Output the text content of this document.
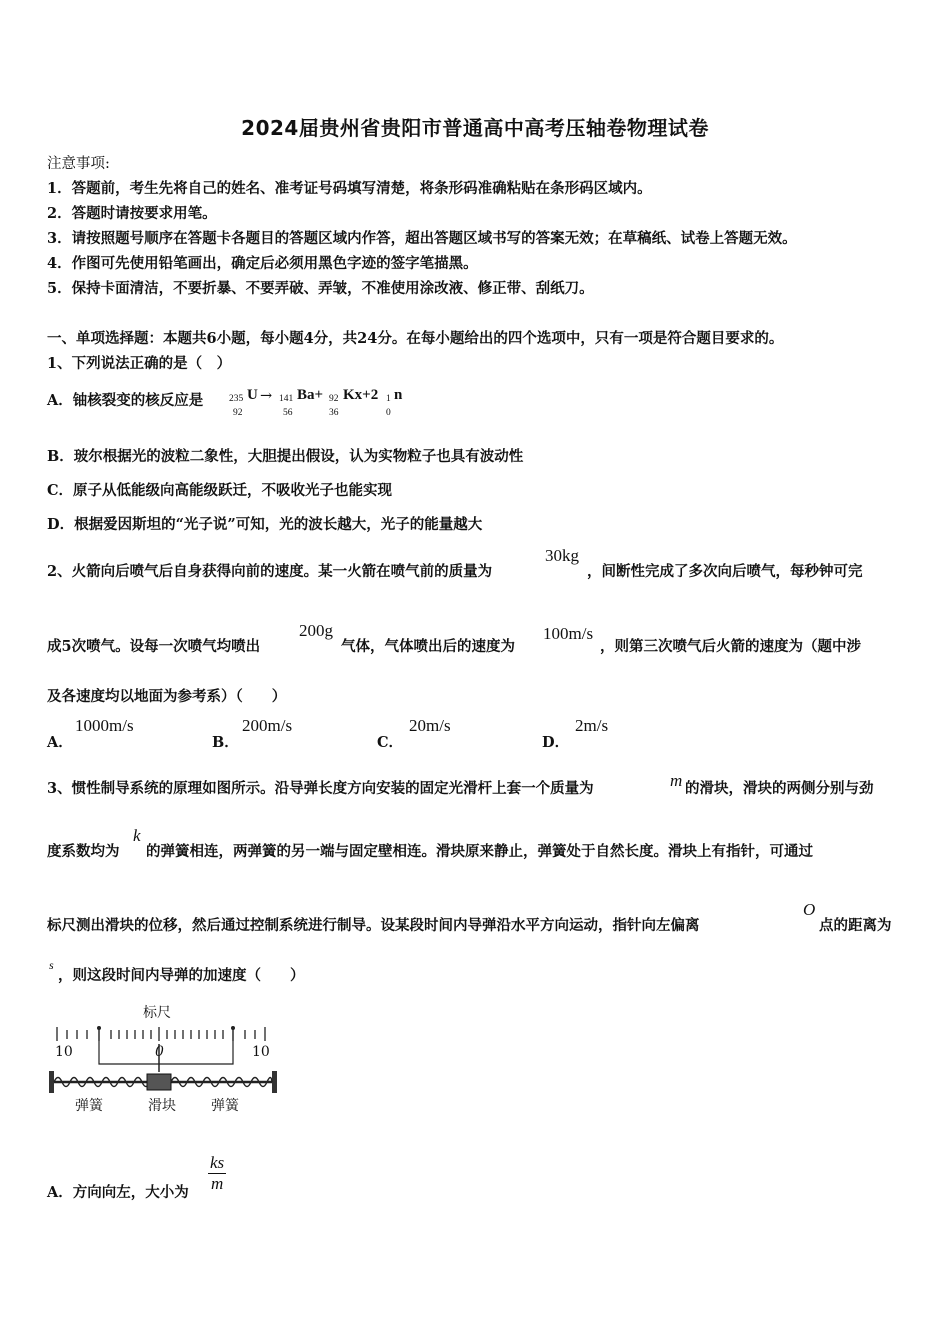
2024届贵州省贵阳市普通高中高考压轴卷物理试卷
注意事项:
1．答题前，考生先将自己的姓名、准考证号码填写清楚，将条形码准确粘贴在条形码区域内。
2．答题时请按要求用笔。
3．请按照题号顺序在答题卡各题目的答题区域内作答，超出答题区域书写的答案无效；在草稿纸、试卷上答题无效。
4．作图可先使用铅笔画出，确定后必须用黑色字迹的签字笔描黑。
5．保持卡面清洁，不要折暴、不要弄破、弄皱，不准使用涂改液、修正带、刮纸刀。
一、单项选择题：本题共6小题，每小题4分，共24分。在每小题给出的四个选项中，只有一项是符合题目要求的。
1、下列说法正确的是（　）
A．铀核裂变的核反应是	235
92
U → 141
56
Ba+ 92
36
Kx+2 1
0
n
B．玻尔根据光的波粒二象性，大胆提出假设，认为实物粒子也具有波动性
C．原子从低能级向高能级跃迁，不吸收光子也能实现
D．根据爱因斯坦的“光子说”可知，光的波长越大，光子的能量越大
2、火箭向后喷气后自身获得向前的速度。某一火箭在喷气前的质量为
30kg
，间断性完成了多次向后喷气，每秒钟可完
成5次喷气。设每一次喷气均喷出
200g
气体，气体喷出后的速度为
100m/s
，则第三次喷气后火箭的速度为（题中涉
及各速度均以地面为参考系）（　　）
A．
1000m/s
B．
200m/s
C．
20m/s
D．
2m/s
3、惯性制导系统的原理如图所示。沿导弹长度方向安装的固定光滑杆上套一个质量为	m 的滑块，滑块的两侧分别与劲
度系数均为
k
的弹簧相连，两弹簧的另一端与固定壁相连。滑块原来静止，弹簧处于自然长度。滑块上有指针，可通过
标尺测出滑块的位移，然后通过控制系统进行制导。设某段时间内导弹沿水平方向运动，指针向左偏离
O
点的距离为
s
，则这段时间内导弹的加速度（　　）
标尺
10	0	10
弹簧	滑块	弹簧
A．方向向左，大小为 $\frac{ks}{m}$
